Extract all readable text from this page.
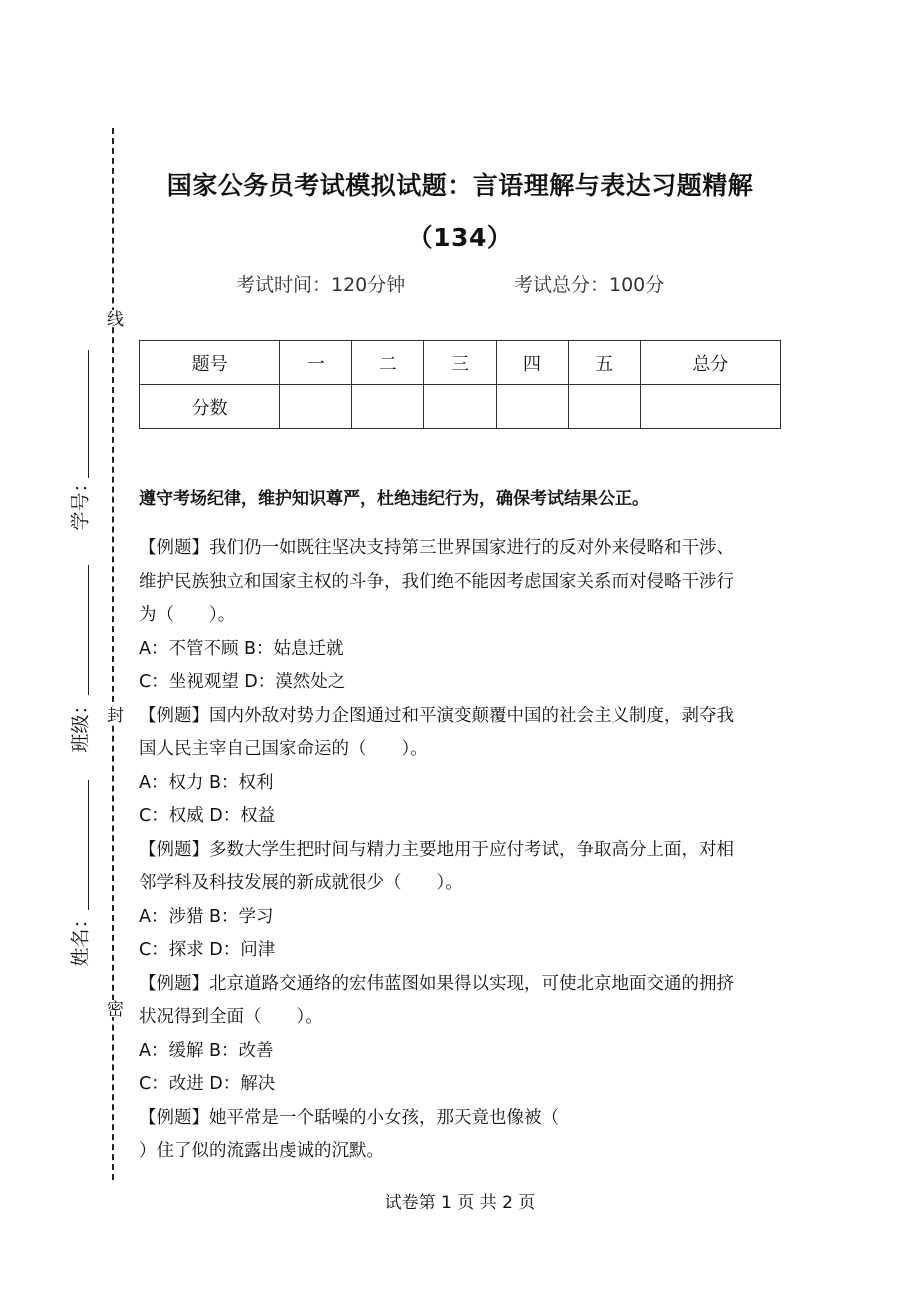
线
封
密
学号：
班级：
姓名：
国家公务员考试模拟试题：言语理解与表达习题精解
（134）
考试时间：120分钟	考试总分：100分
题号	一	二	三	四	五	总分
分数						
遵守考场纪律，维护知识尊严，杜绝违纪行为，确保考试结果公正。

【例题】我们仍一如既往坚决支持第三世界国家进行的反对外来侵略和干涉、

维护民族独立和国家主权的斗争，我们绝不能因考虑国家关系而对侵略干涉行

为（　　）。

A：不管不顾 B：姑息迁就

C：坐视观望 D：漠然处之

【例题】国内外敌对势力企图通过和平演变颠覆中国的社会主义制度，剥夺我

国人民主宰自己国家命运的（　　）。

A：权力 B：权利

C：权威 D：权益

【例题】多数大学生把时间与精力主要地用于应付考试，争取高分上面，对相

邻学科及科技发展的新成就很少（　　）。

A：涉猎 B：学习

C：探求 D：问津

【例题】北京道路交通络的宏伟蓝图如果得以实现，可使北京地面交通的拥挤

状况得到全面（　　）。

A：缓解 B：改善

C：改进 D：解决

【例题】她平常是一个聒噪的小女孩，那天竟也像被（

）住了似的流露出虔诚的沉默。

试卷第 1 页 共 2 页
